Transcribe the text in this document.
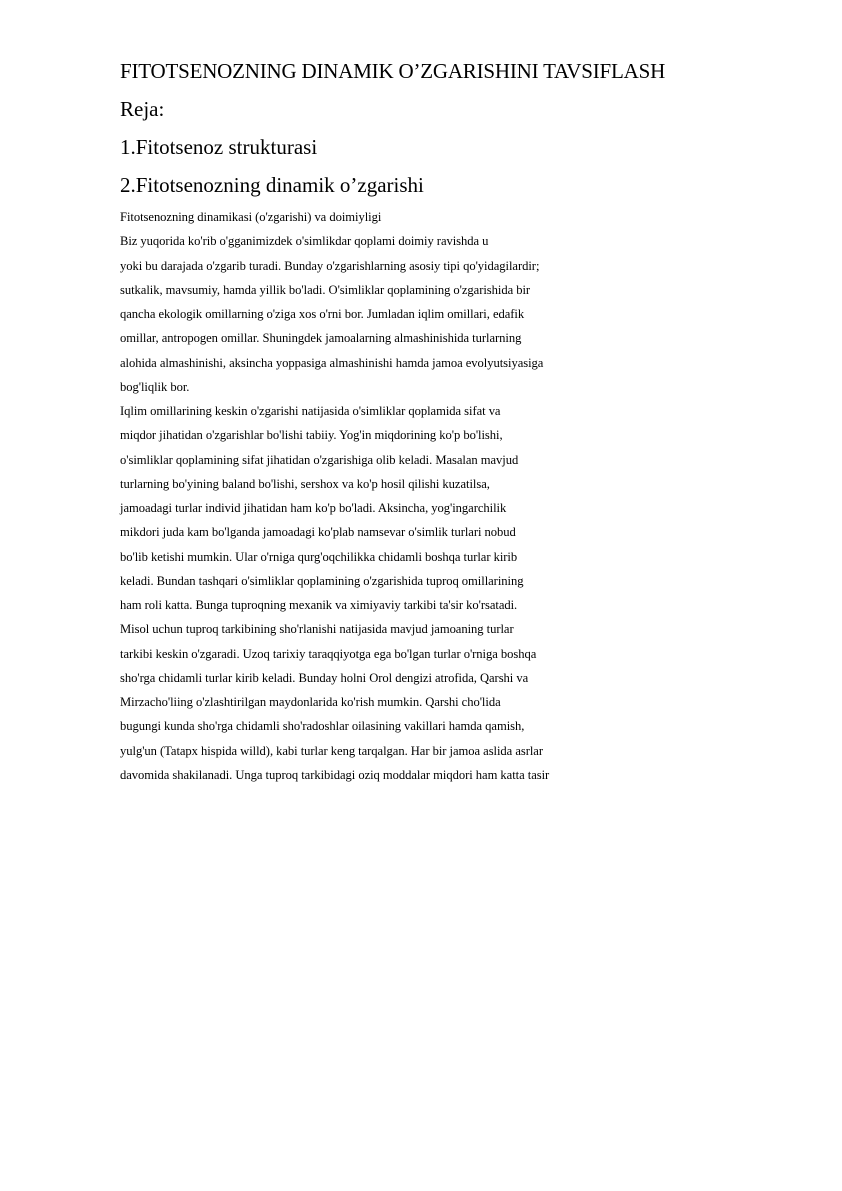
FITOTSENOZNING DINAMIK O’ZGARISHINI TAVSIFLASH
Reja:
1.Fitotsenoz strukturasi
2.Fitotsenozning dinamik o’zgarishi
Fitotsenozning dinamikasi (o'zgarishi) va doimiyligi
Biz yuqorida ko'rib o'gganimizdek o'simlikdar qoplami doimiy ravishda u
yoki bu darajada o'zgarib turadi. Bunday o'zgarishlarning asosiy tipi qo'yidagilardir;
sutkalik, mavsumiy, hamda yillik bo'ladi. O'simliklar qoplamining o'zgarishida bir
qancha ekologik omillarning o'ziga xos o'rni bor. Jumladan iqlim omillari, edafik
omillar, antropogen omillar. Shuningdek jamoalarning almashinishida turlarning
alohida almashinishi, aksincha yoppasiga almashinishi hamda jamoa evolyutsiyasiga
bog'liqlik bor.
Iqlim omillarining keskin o'zgarishi natijasida o'simliklar qoplamida sifat va
miqdor jihatidan o'zgarishlar bo'lishi tabiiy. Yog'in miqdorining ko'p bo'lishi,
o'simliklar qoplamining sifat jihatidan o'zgarishiga olib keladi. Masalan mavjud
turlarning bo'yining baland bo'lishi, sershox va ko'p hosil qilishi kuzatilsa,
jamoadagi turlar individ jihatidan ham ko'p bo'ladi. Aksincha, yog'ingarchilik
mikdori juda kam bo'lganda jamoadagi ko'plab namsevar o'simlik turlari nobud
bo'lib ketishi mumkin. Ular o'rniga qurg'oqchilikka chidamli boshqa turlar kirib
keladi. Bundan tashqari o'simliklar qoplamining o'zgarishida tuproq omillarining
ham roli katta. Bunga tuproqning mexanik va ximiyaviy tarkibi ta'sir ko'rsatadi.
Misol uchun tuproq tarkibining sho'rlanishi natijasida mavjud jamoaning turlar
tarkibi keskin o'zgaradi. Uzoq tarixiy taraqqiyotga ega bo'lgan turlar o'rniga boshqa
sho'rga chidamli turlar kirib keladi. Bunday holni Orol dengizi atrofida, Qarshi va
Mirzacho'liing o'zlashtirilgan maydonlarida ko'rish mumkin. Qarshi cho'lida
bugungi kunda sho'rga chidamli sho'radoshlar oilasining vakillari hamda qamish,
yulg'un (Tatapx hispida willd), kabi turlar keng tarqalgan. Har bir jamoa aslida asrlar
davomida shakilanadi. Unga tuproq tarkibidagi oziq moddalar miqdori ham katta tasir
